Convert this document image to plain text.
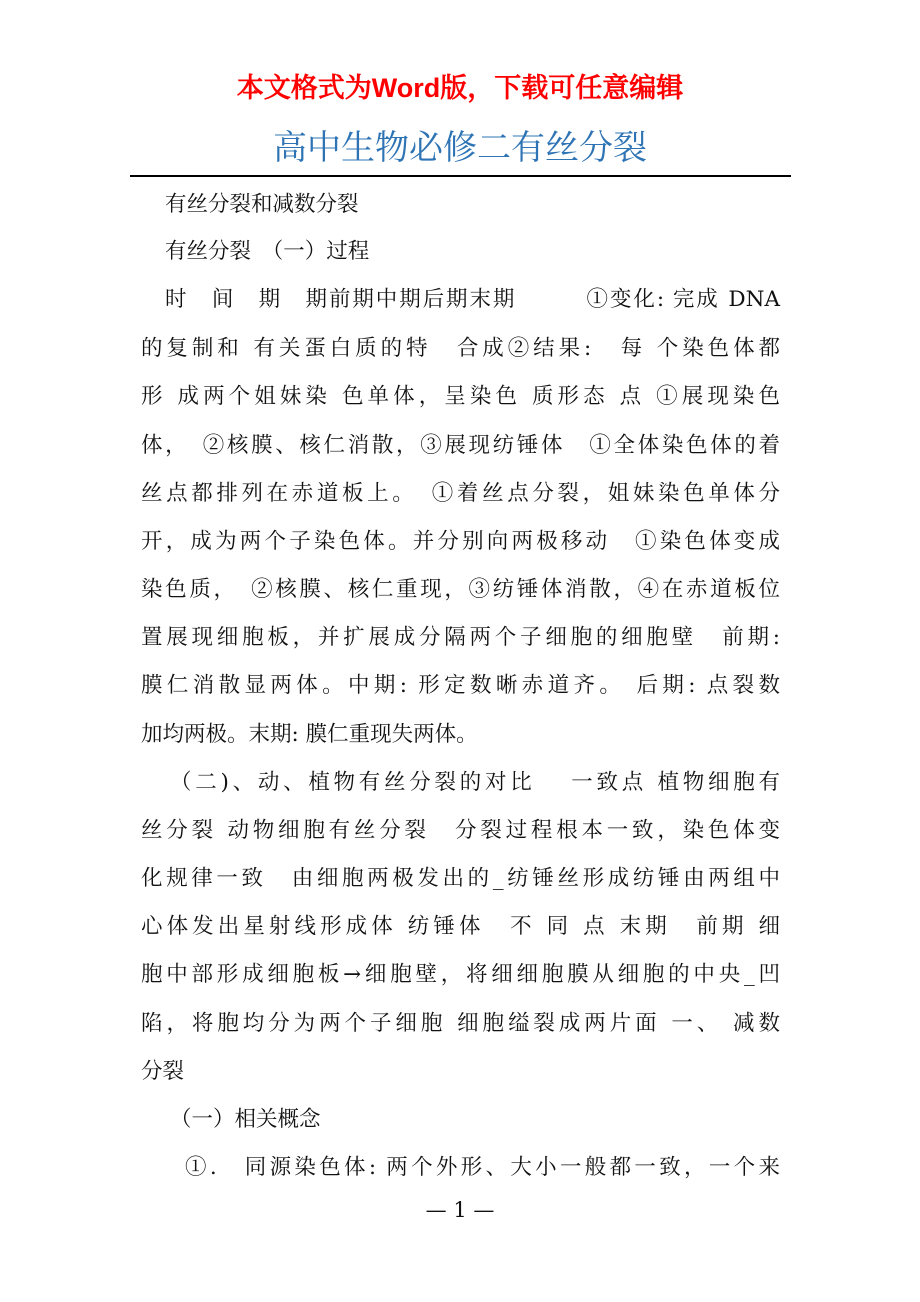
本文格式为Word版，下载可任意编辑
高中生物必修二有丝分裂
有丝分裂和减数分裂
有丝分裂　（一）过程
时　间　期　期前期中期后期末期　　　①变化: 完成 DNA
的复制和 有关蛋白质的特　合成②结果:　每 个染色体都
形 成两个姐妹染 色单体，呈染色 质形态 点 ①展现染色
体，　②核膜、核仁消散，③展现纺锤体　①全体染色体的着
丝点都排列在赤道板上。　①着丝点分裂，姐妹染色单体分
开，成为两个子染色体。并分别向两极移动　①染色体变成
染色质，　②核膜、核仁重现，③纺锤体消散，④在赤道板位
置展现细胞板，并扩展成分隔两个子细胞的细胞壁　前期:
膜仁消散显两体。中期: 形定数晰赤道齐。 后期: 点裂数
加均两极。末期: 膜仁重现失两体。
（二)、动、植物有丝分裂的对比　 一致点 植物细胞有
丝分裂 动物细胞有丝分裂　分裂过程根本一致，染色体变
化规律一致　由细胞两极发出的_纺锤丝形成纺锤由两组中
心体发出星射线形成体 纺锤体　不 同 点 末期　前期 细
胞中部形成细胞板→细胞壁，将细细胞膜从细胞的中央_凹
陷，将胞均分为两个子细胞 细胞缢裂成两片面 一、 减数
分裂
（一）相关概念
①.　同源染色体: 两个外形、大小一般都一致，一个来
— 1 —
